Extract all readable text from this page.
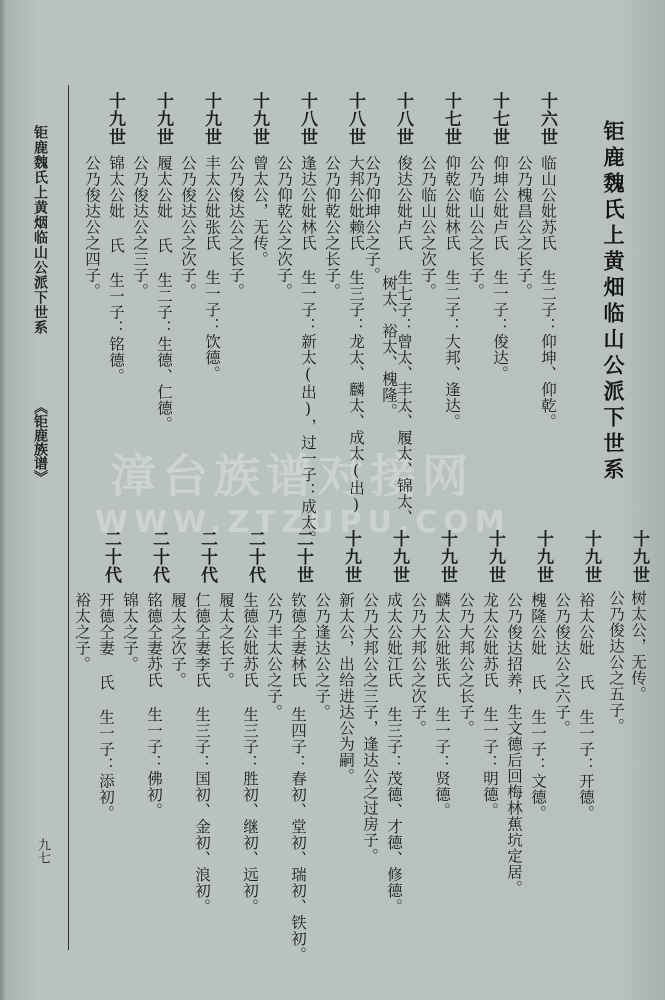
钜鹿魏氏上黄畑临山公派下世系
钜鹿魏氏上黄烟临山公派下世系
《钜鹿族谱》
九七
漳台族谱对接网
WWW.ZTZUPU.COM
十六世
临山公妣苏氏 生二子：仰坤、仰乾。
公乃槐昌公之长子。
十七世
仰坤公妣卢氏 生一子：俊达。
公乃临山公之长子。
十七世
仰乾公妣林氏 生二子：大邦、逢达。
公乃临山公之次子。
十八世
俊达公妣卢氏 生七子：曾太、丰太、履太、锦太、
树太、裕太、槐隆。
公乃仰坤公之子。
十八世
大邦公妣赖氏 生三子：龙太、麟太、成太(出)
公乃仰乾公之长子。
十八世
逢达公妣林氏 生一子：新太(出)，过一子：成太。
公乃仰乾公之次子。
十九世
曾太公，无传。
公乃俊达公之长子。
十九世
丰太公妣张氏 生一子：饮德。
公乃俊达公之次子。
十九世
履太公妣 氏 生二子：生德、仁德。
公乃俊达公之三子。
十九世
锦太公妣 氏 生一子：铭德。
公乃俊达公之四子。
十九世
树太公，无传。
公乃俊达公之五子。
十九世
裕太公妣 氏 生一子：开德。
公乃俊达公之六子。
十九世
槐隆公妣 氏 生一子：文德。
公乃俊达招养，生文德后回梅林蕉坑定居。
十九世
龙太公妣苏氏 生一子：明德。
公乃大邦公之长子。
十九世
麟太公妣张氏 生一子：贤德。
公乃大邦公之次子。
十九世
成太公妣江氏 生三子：茂德、才德、修德。
公乃大邦公之三子，逢达公之过房子。
十九世
新太公，出给进达公为嗣。
公乃逢达公之子。
二十世
钦德仝妻林氏 生四子：春初、堂初、瑞初、铁初。
公乃丰太公之子。
二十代
生德公妣苏氏 生三子：胜初、继初、远初。
履太之长子。
二十代
仁德仝妻李氏 生三子：国初、金初、浪初。
履太之次子。
二十代
铭德仝妻苏氏 生一子：佛初。
锦太之子。
二十代
开德仝妻 氏 生一子：添初。
裕太之子。
